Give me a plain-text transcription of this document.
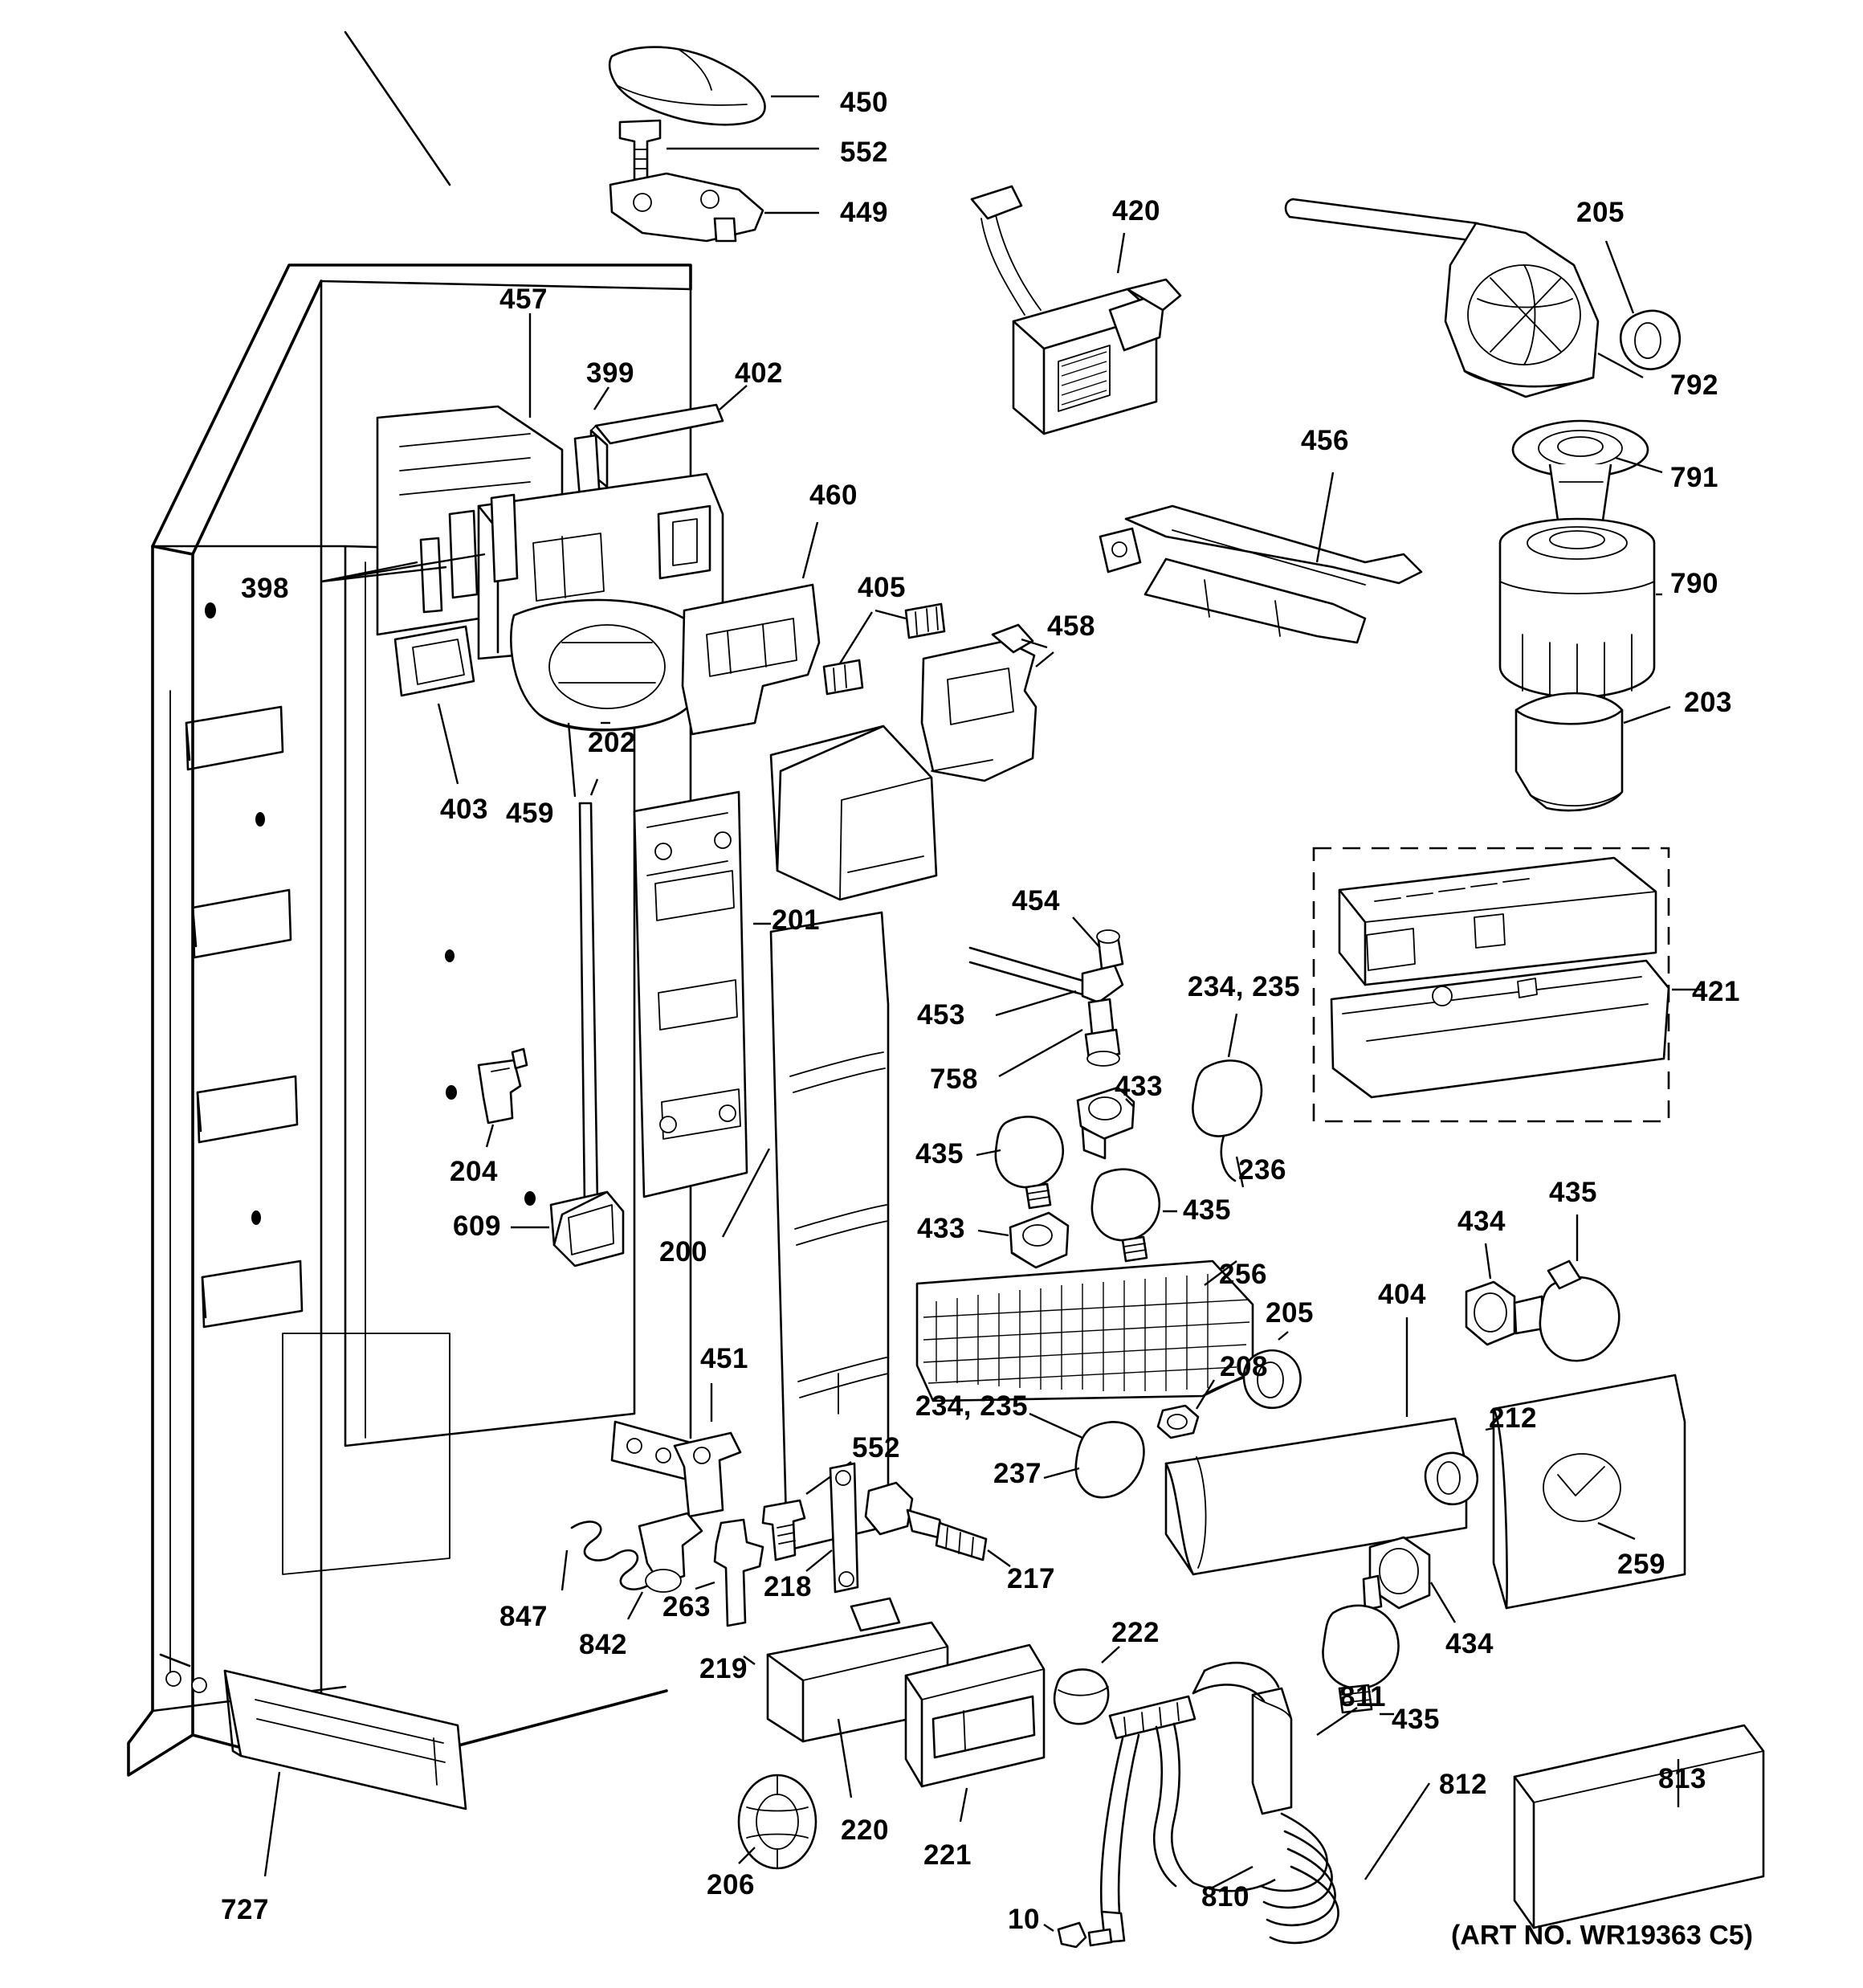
450
552
449	420	205
792
457
399	402
456
791
460
790
398	405
458
203
202
403 459
201
454
421
453
234, 235
758	433
204
435
236
433
435
609
435
434
200
256
404
205
208
212
451
234, 235
237
259
552
217
218
263
434
847
842
219
222
435
811
812	813
220
221
206
727	810
10
(ART NO. WR19363 C5)
